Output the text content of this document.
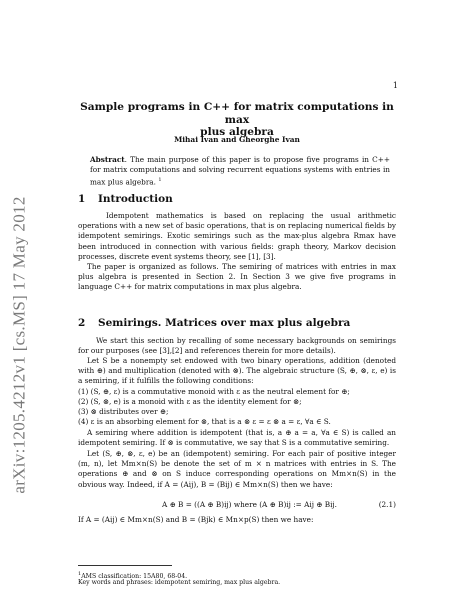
arXiv:1205.4212v1 [cs.MS] 17 May 2012
1
Sample programs in C++ for matrix computations in max
plus algebra
Mihai Ivan and Gheorghe Ivan
Abstract. The main purpose of this paper is to propose five programs in C++ for matrix computations and solving recurrent equations systems with entries in max plus algebra. $^1$
1 Introduction
Idempotent mathematics is based on replacing the usual arithmetic operations with a new set of basic operations, that is on replacing numerical fields by idempotent semirings. Exotic semirings such as the max-plus algebra Rmax have been introduced in connection with various fields: graph theory, Markov decision processes, discrete event systems theory, see [1], [3].
The paper is organized as follows. The semiring of matrices with entries in max plus algebra is presented in Section 2. In Section 3 we give five programs in language C++ for matrix computations in max plus algebra.
2 Semirings. Matrices over max plus algebra
We start this section by recalling of some necessary backgrounds on semirings for our purposes (see [3],[2] and references therein for more details).
Let S be a nonempty set endowed with two binary operations, addition (denoted with ⊕) and multiplication (denoted with ⊗). The algebraic structure (S, ⊕, ⊗, ε, e) is a semiring, if it fulfills the following conditions:
(1) (S, ⊕, ε) is a commutative monoid with ε as the neutral element for ⊕;
(2) (S, ⊗, e) is a monoid with ε as the identity element for ⊗;
(3) ⊗ distributes over ⊕;
(4) ε is an absorbing element for ⊗, that is a ⊗ ε = ε ⊗ a = ε, ∀a ∈ S.
A semiring where addition is idempotent (that is, a ⊕ a = a, ∀a ∈ S) is called an idempotent semiring. If ⊗ is commutative, we say that S is a commutative semiring.
Let (S, ⊕, ⊗, ε, e) be an (idempotent) semiring. For each pair of positive integer (m, n), let Mm×n(S) be denote the set of m × n matrices with entries in S. The operations ⊕ and ⊗ on S induce corresponding operations on Mm×n(S) in the obvious way. Indeed, if A = (Aij), B = (Bij) ∈ Mm×n(S) then we have:
A ⊕ B = ((A ⊕ B)ij) where (A ⊕ B)ij := Aij ⊕ Bij.	(2.1)
If A = (Aij) ∈ Mm×n(S) and B = (Bjk) ∈ Mn×p(S) then we have:
$^1$AMS classification: 15A80, 68-04.
Key words and phrases: idempotent semiring, max plus algebra.
